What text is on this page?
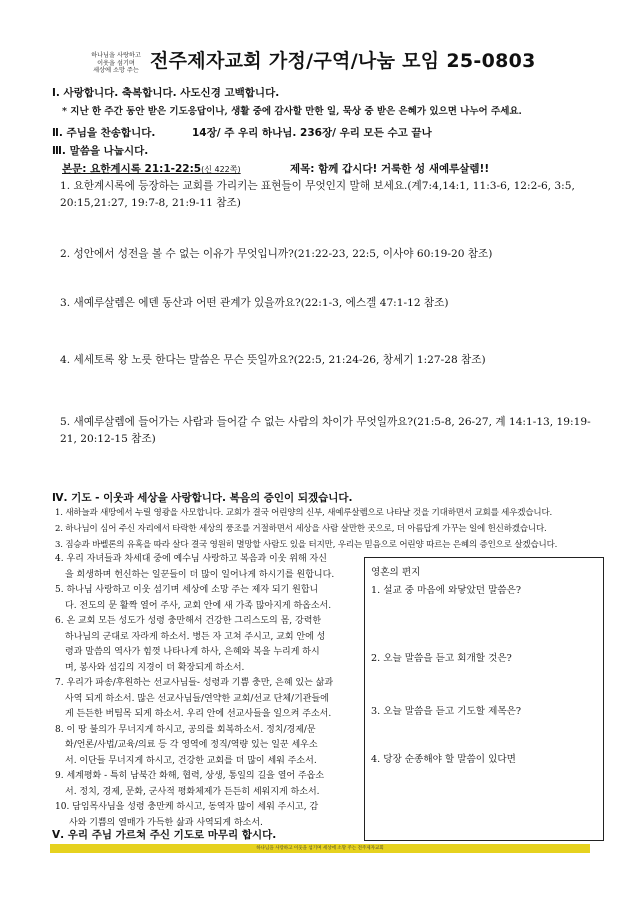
하나님을 사랑하고
이웃을 섬기며
세상에 소망 주는 전주제자교회 가정/구역/나눔 모임 25-0803
Ⅰ. 사랑합니다. 축복합니다. 사도신경 고백합니다.
* 지난 한 주간 동안 받은 기도응답이나, 생활 중에 감사할 만한 일, 묵상 중 받은 은혜가 있으면 나누어 주세요.
Ⅱ. 주님을 찬송합니다.	14장/ 주 우리 하나님. 236장/ 우리 모든 수고 끝나
Ⅲ. 말씀을 나눕시다.
본문: 요한계시록 21:1-22:5(신 422쪽)	제목: 함께 갑시다! 거룩한 성 새예루살렘!!
1. 요한계시록에 등장하는 교회를 가리키는 표현들이 무엇인지 말해 보세요.(계7:4,14:1, 11:3-6, 12:2-6, 3:5, 20:15,21:27, 19:7-8, 21:9-11 참조)
2. 성안에서 성전을 볼 수 없는 이유가 무엇입니까?(21:22-23, 22:5, 이사야 60:19-20 참조)
3. 새예루살렘은 에덴 동산과 어떤 관계가 있을까요?(22:1-3, 에스겔 47:1-12 참조)
4. 세세토록 왕 노릇 한다는 말씀은 무슨 뜻일까요?(22:5, 21:24-26, 창세기 1:27-28 참조)
5. 새예루살렘에 들어가는 사람과 들어갈 수 없는 사람의 차이가 무엇일까요?(21:5-8, 26-27, 계 14:1-13, 19:19-21, 20:12-15 참조)
Ⅳ. 기도 - 이웃과 세상을 사랑합니다. 복음의 증인이 되겠습니다.
1. 새하늘과 새땅에서 누릴 영광을 사모합니다. 교회가 결국 어린양의 신부, 새예루살렘으로 나타날 것을 기대하면서 교회를 세우겠습니다.
2. 하나님이 심어 주신 자리에서 타락한 세상의 풍조를 거절하면서 세상을 사람 살만한 곳으로, 더 아름답게 가꾸는 일에 헌신하겠습니다.
3. 짐승과 바벨론의 유혹을 따라 살다 결국 영원히 멸망할 사람도 있을 터지만, 우리는 믿음으로 어린양 따르는 은혜의 증인으로 살겠습니다.
4. 우리 자녀들과 차세대 중에 예수님 사랑하고 복음과 이웃 위해 자신
을 희생하며 헌신하는 일꾼들이 더 많이 일어나게 하시기를 원합니다.
5. 하나님 사랑하고 이웃 섬기며 세상에 소망 주는 제자 되기 원합니
다. 전도의 문 활짝 열어 주사, 교회 안에 새 가족 많아지게 하옵소서.
6. 온 교회 모든 성도가 성령 충만해서 건강한 그리스도의 몸, 강력한
하나님의 군대로 자라게 하소서. 병든 자 고쳐 주시고, 교회 안에 성
령과 말씀의 역사가 힘껏 나타나게 하사, 은혜와 복을 누리게 하시
며, 봉사와 섬김의 지경이 더 확장되게 하소서.
7. 우리가 파송/후원하는 선교사님들- 성령과 기쁨 충만, 은혜 있는 삶과
사역 되게 하소서. 많은 선교사님들/연약한 교회/선교 단체/기관들에
게 든든한 버팀목 되게 하소서. 우리 안에 선교사들을 일으켜 주소서.
8. 이 땅 불의가 무너지게 하시고, 공의를 회복하소서. 정치/경제/문
화/언론/사법/교육/의료 등 각 영역에 정직/역량 있는 일꾼 세우소
서. 이단들 무너지게 하시고, 건강한 교회를 더 많이 세워 주소서.
9. 세계평화 - 특히 남북간 화해, 협력, 상생, 통일의 길을 열어 주옵소
서. 정치, 경제, 문화, 군사적 평화체제가 든든히 세워지게 하소서.
10. 담임목사님을 성령 충만케 하시고, 동역자 많이 세워 주시고, 감
사와 기쁨의 열매가 가득한 삶과 사역되게 하소서.
영혼의 편지
1. 설교 중 마음에 와닿았던 말씀은?
2. 오늘 말씀을 듣고 회개할 것은?
3. 오늘 말씀을 듣고 기도할 제목은?
4. 당장 순종해야 할 말씀이 있다면
Ⅴ. 우리 주님 가르쳐 주신 기도로 마무리 합시다.
하나님을 사랑하고 이웃을 섬기며 세상에 소망 주는 전주제자교회
